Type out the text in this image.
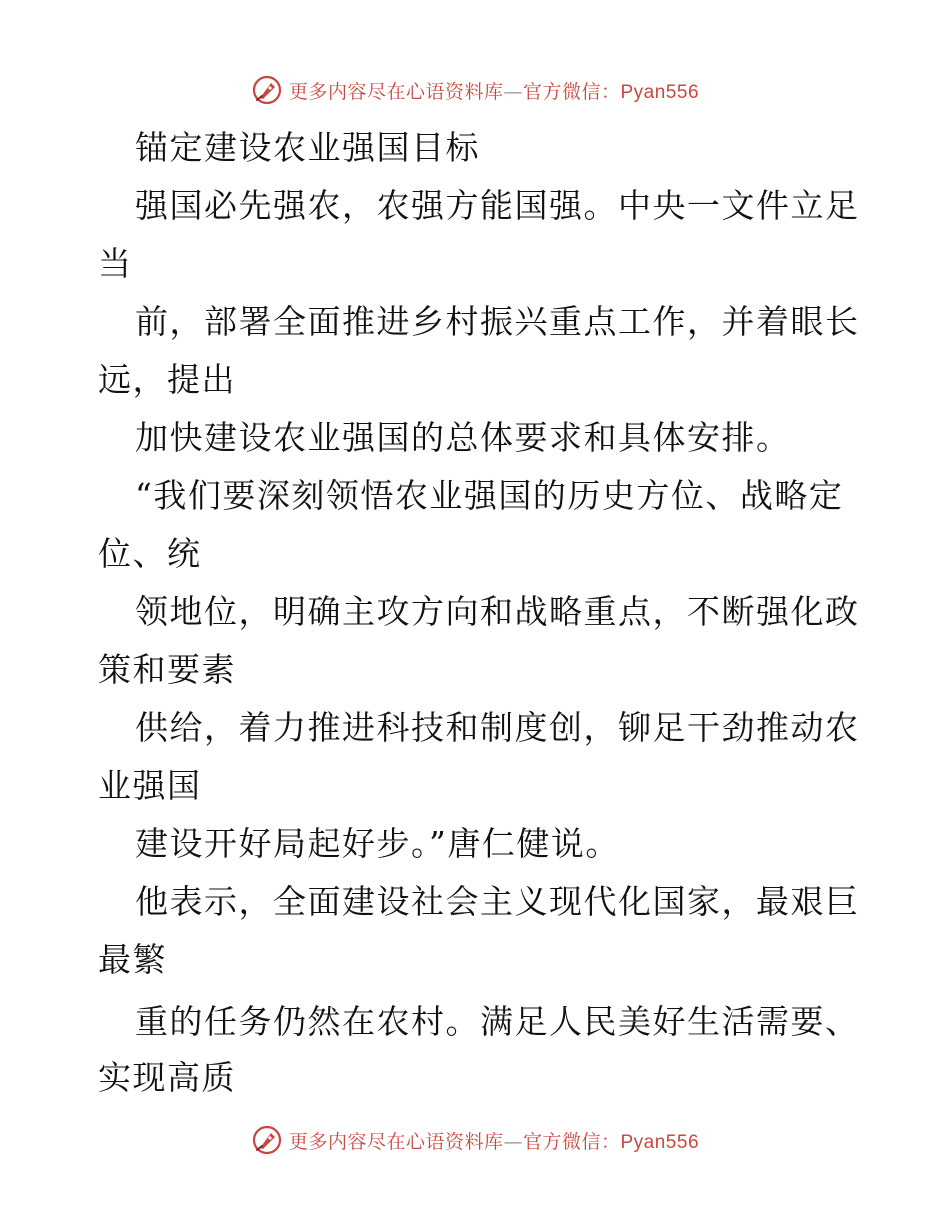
更多内容尽在心语资料库—官方微信：Pyan556
锚定建设农业强国目标
强国必先强农，农强方能国强。中央一文件立足
当
前，部署全面推进乡村振兴重点工作，并着眼长
远，提出
加快建设农业强国的总体要求和具体安排。
“我们要深刻领悟农业强国的历史方位、战略定
位、统
领地位，明确主攻方向和战略重点，不断强化政
策和要素
供给，着力推进科技和制度创，铆足干劲推动农
业强国
建设开好局起好步。”唐仁健说。
他表示，全面建设社会主义现代化国家，最艰巨
最繁
重的任务仍然在农村。满足人民美好生活需要、
实现高质
更多内容尽在心语资料库—官方微信：Pyan556
